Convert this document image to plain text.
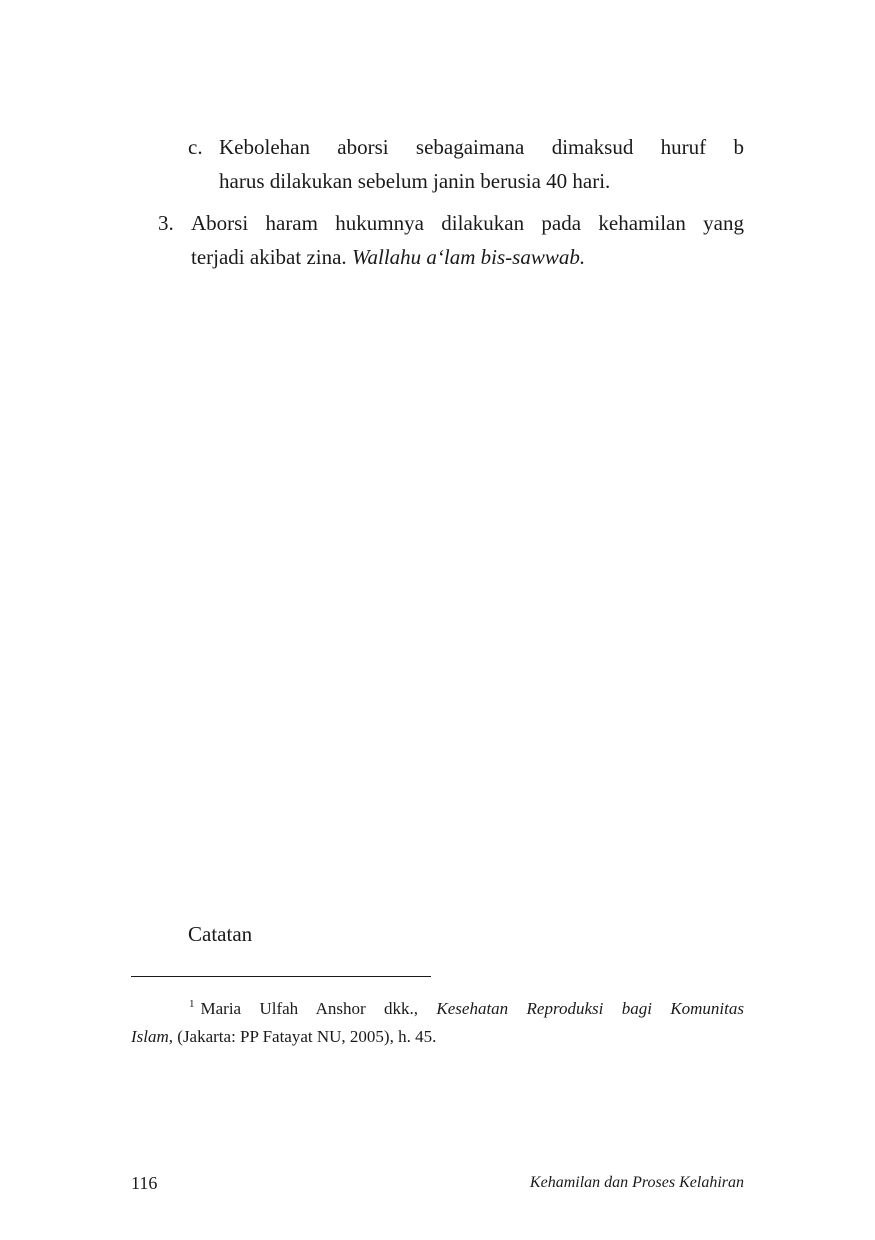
c. Kebolehan aborsi sebagaimana dimaksud huruf b
harus dilakukan sebelum janin berusia 40 hari.
3. Aborsi haram hukumnya dilakukan pada kehamilan yang
terjadi akibat zina. Wallahu a‘lam bis-sawwab.
Catatan
$^1$ Maria Ulfah Anshor dkk., Kesehatan Reproduksi bagi Komunitas
Islam, (Jakarta: PP Fatayat NU, 2005), h. 45.
116	Kehamilan dan Proses Kelahiran
